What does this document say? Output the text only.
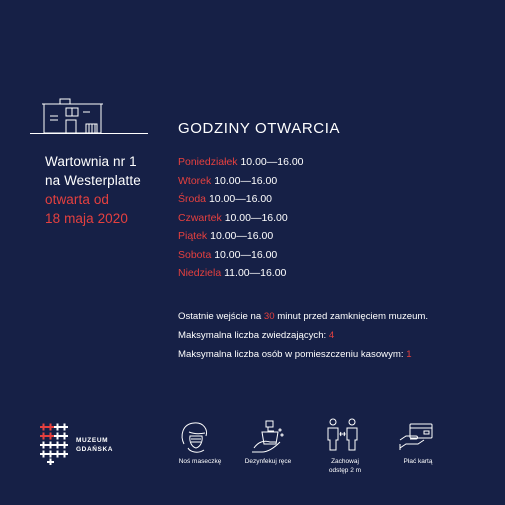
Wartownia nr 1
na Westerplatte
otwarta od
18 maja 2020
GODZINY OTWARCIA
Poniedziałek 10.00—16.00
Wtorek 10.00—16.00
Środa 10.00—16.00
Czwartek 10.00—16.00
Piątek 10.00—16.00
Sobota 10.00—16.00
Niedziela 11.00—16.00
Ostatnie wejście na 30 minut przed zamknięciem muzeum.
Maksymalna liczba zwiedzających: 4
Maksymalna liczba osób w pomieszczeniu kasowym: 1
MUZEUM
GDAŃSKA
Noś maseczkę	Dezynfekuj ręce	Zachowaj
odstęp 2 m
Płać kartą
